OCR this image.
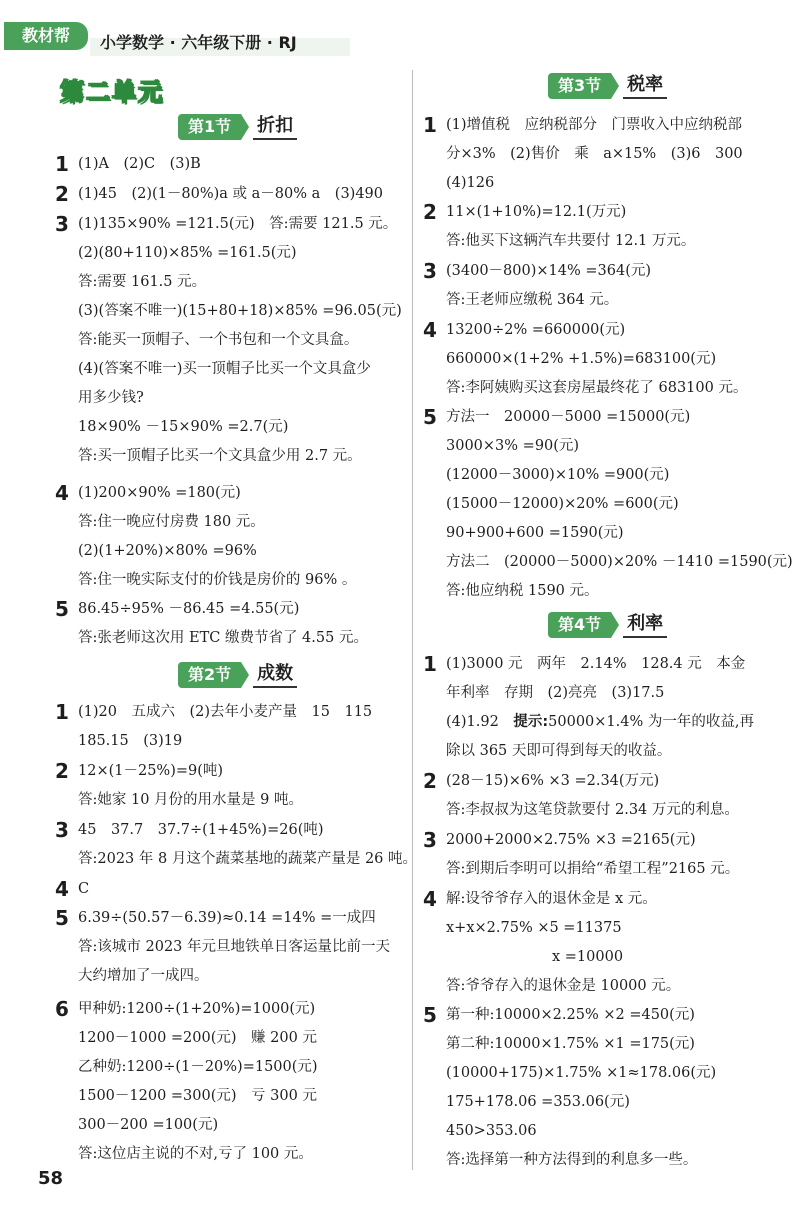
教材帮	小学数学 · 六年级下册 · RJ
第二单元
第1节	折扣
第2节	成数
第3节	税率
第4节	利率
1 (1)A　(2)C　(3)B
2 (1)45　(2)(1－80%)a 或 a－80% a　(3)490
3 (1)135×90% =121.5(元)　答:需要 121.5 元。
(2)(80+110)×85% =161.5(元)
答:需要 161.5 元。
(3)(答案不唯一)(15+80+18)×85% =96.05(元)
答:能买一顶帽子、一个书包和一个文具盒。
(4)(答案不唯一)买一顶帽子比买一个文具盒少
用多少钱?
18×90% －15×90% =2.7(元)
答:买一顶帽子比买一个文具盒少用 2.7 元。
4 (1)200×90% =180(元)
答:住一晚应付房费 180 元。
(2)(1+20%)×80% =96%
答:住一晚实际支付的价钱是房价的 96% 。
5 86.45÷95% －86.45 =4.55(元)
答:张老师这次用 ETC 缴费节省了 4.55 元。
1 (1)20　五成六　(2)去年小麦产量　15　115
185.15　(3)19
2 12×(1－25%)=9(吨)
答:她家 10 月份的用水量是 9 吨。
3 45　37.7　37.7÷(1+45%)=26(吨)
答:2023 年 8 月这个蔬菜基地的蔬菜产量是 26 吨。
4 C
5 6.39÷(50.57－6.39)≈0.14 =14% =一成四
答:该城市 2023 年元旦地铁单日客运量比前一天
大约增加了一成四。
6 甲种奶:1200÷(1+20%)=1000(元)
1200－1000 =200(元)　赚 200 元
乙种奶:1200÷(1－20%)=1500(元)
1500－1200 =300(元)　亏 300 元
300－200 =100(元)
答:这位店主说的不对,亏了 100 元。
1 (1)增值税　应纳税部分　门票收入中应纳税部
分×3%　(2)售价　乘　a×15%　(3)6　300
(4)126
2 11×(1+10%)=12.1(万元)
答:他买下这辆汽车共要付 12.1 万元。
3 (3400－800)×14% =364(元)
答:王老师应缴税 364 元。
4 13200÷2% =660000(元)
660000×(1+2% +1.5%)=683100(元)
答:李阿姨购买这套房屋最终花了 683100 元。
5 方法一　20000－5000 =15000(元)
3000×3% =90(元)
(12000－3000)×10% =900(元)
(15000－12000)×20% =600(元)
90+900+600 =1590(元)
方法二　(20000－5000)×20% －1410 =1590(元)
答:他应纳税 1590 元。
1 (1)3000 元　两年　2.14%　128.4 元　本金
年利率　存期　(2)亮亮　(3)17.5
(4)1.92　提示:50000×1.4% 为一年的收益,再
除以 365 天即可得到每天的收益。
2 (28－15)×6% ×3 =2.34(万元)
答:李叔叔为这笔贷款要付 2.34 万元的利息。
3 2000+2000×2.75% ×3 =2165(元)
答:到期后李明可以捐给“希望工程”2165 元。
4 解:设爷爷存入的退休金是 x 元。
x+x×2.75% ×5 =11375
x =10000
答:爷爷存入的退休金是 10000 元。
5 第一种:10000×2.25% ×2 =450(元)
第二种:10000×1.75% ×1 =175(元)
(10000+175)×1.75% ×1≈178.06(元)
175+178.06 =353.06(元)
450>353.06
答:选择第一种方法得到的利息多一些。
58
